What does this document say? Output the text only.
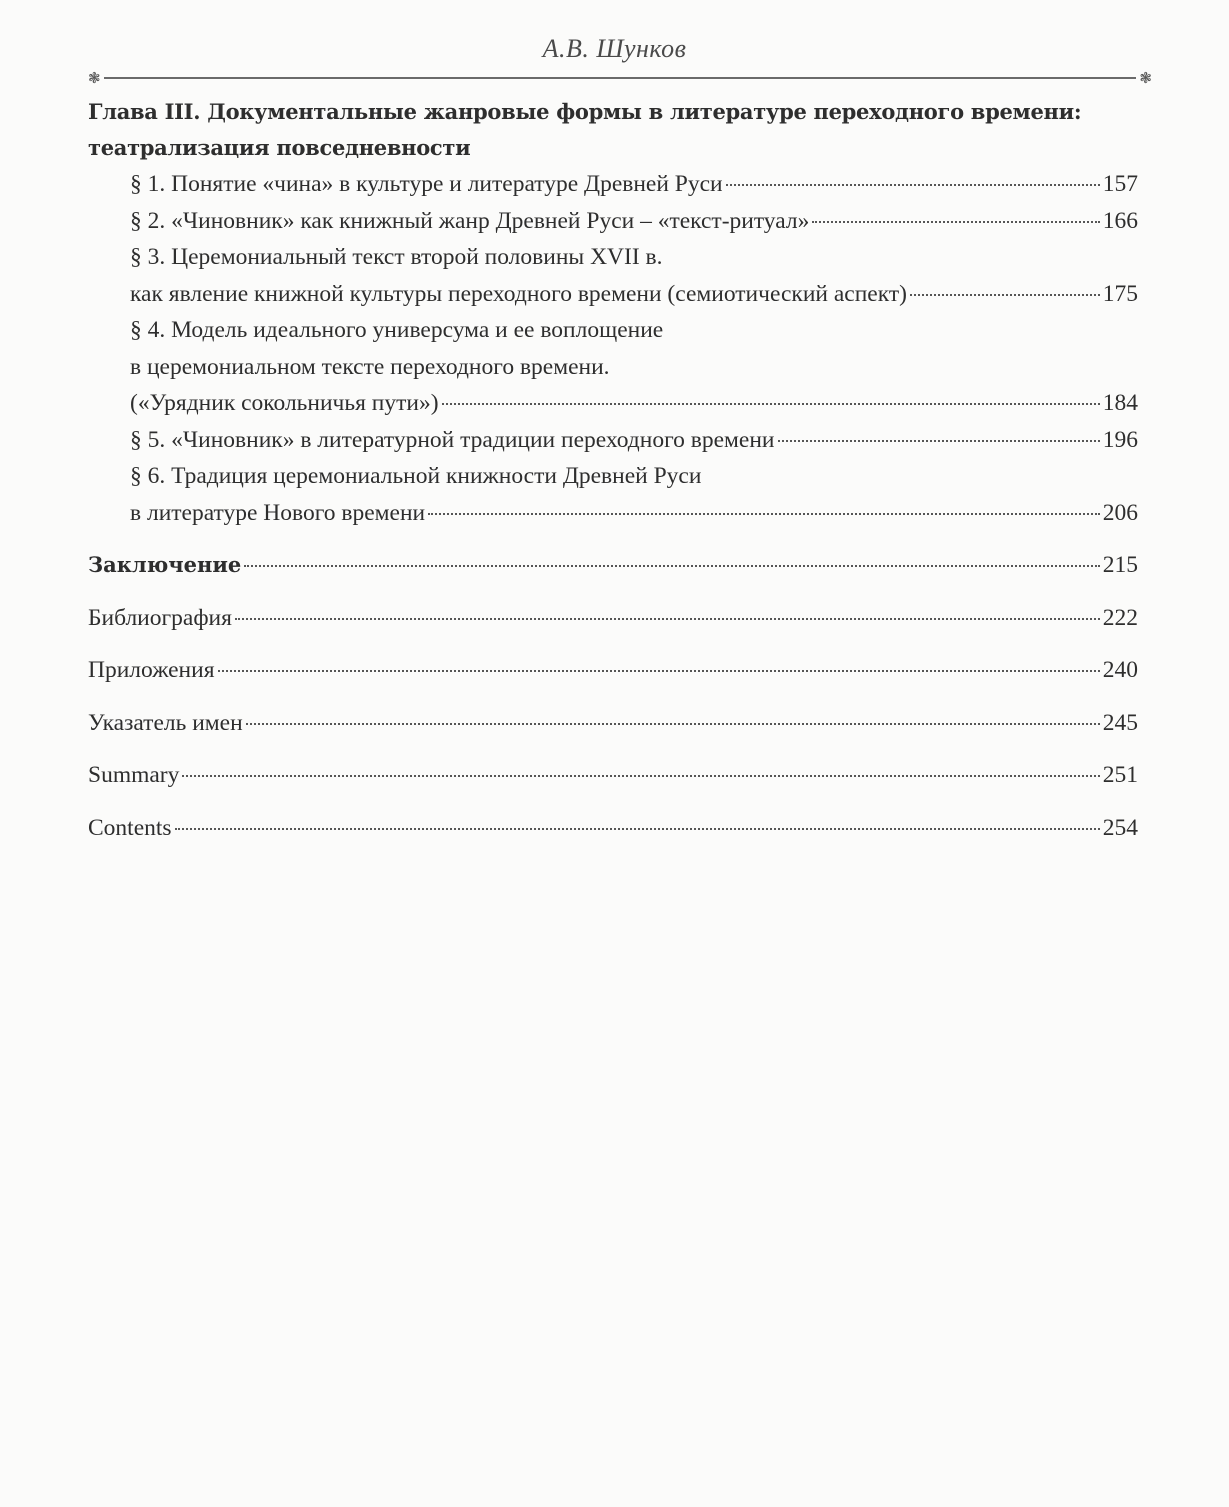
А.В. Шунков
❃	❃
Глава III. Документальные жанровые формы в литературе переходного времени:
театрализация повседневности
§ 1. Понятие «чина» в культуре и литературе Древней Руси	157
§ 2. «Чиновник» как книжный жанр Древней Руси – «текст-ритуал»	166
§ 3. Церемониальный текст второй половины XVII в.
как явление книжной культуры переходного времени (семиотический аспект)	175
§ 4. Модель идеального универсума и ее воплощение
в церемониальном тексте переходного времени.
(«Урядник сокольничья пути»)	184
§ 5. «Чиновник» в литературной традиции переходного времени	196
§ 6. Традиция церемониальной книжности Древней Руси
в литературе Нового времени	206
Заключение	215
Библиография	222
Приложения	240
Указатель имен	245
Summary	251
Contents	254
